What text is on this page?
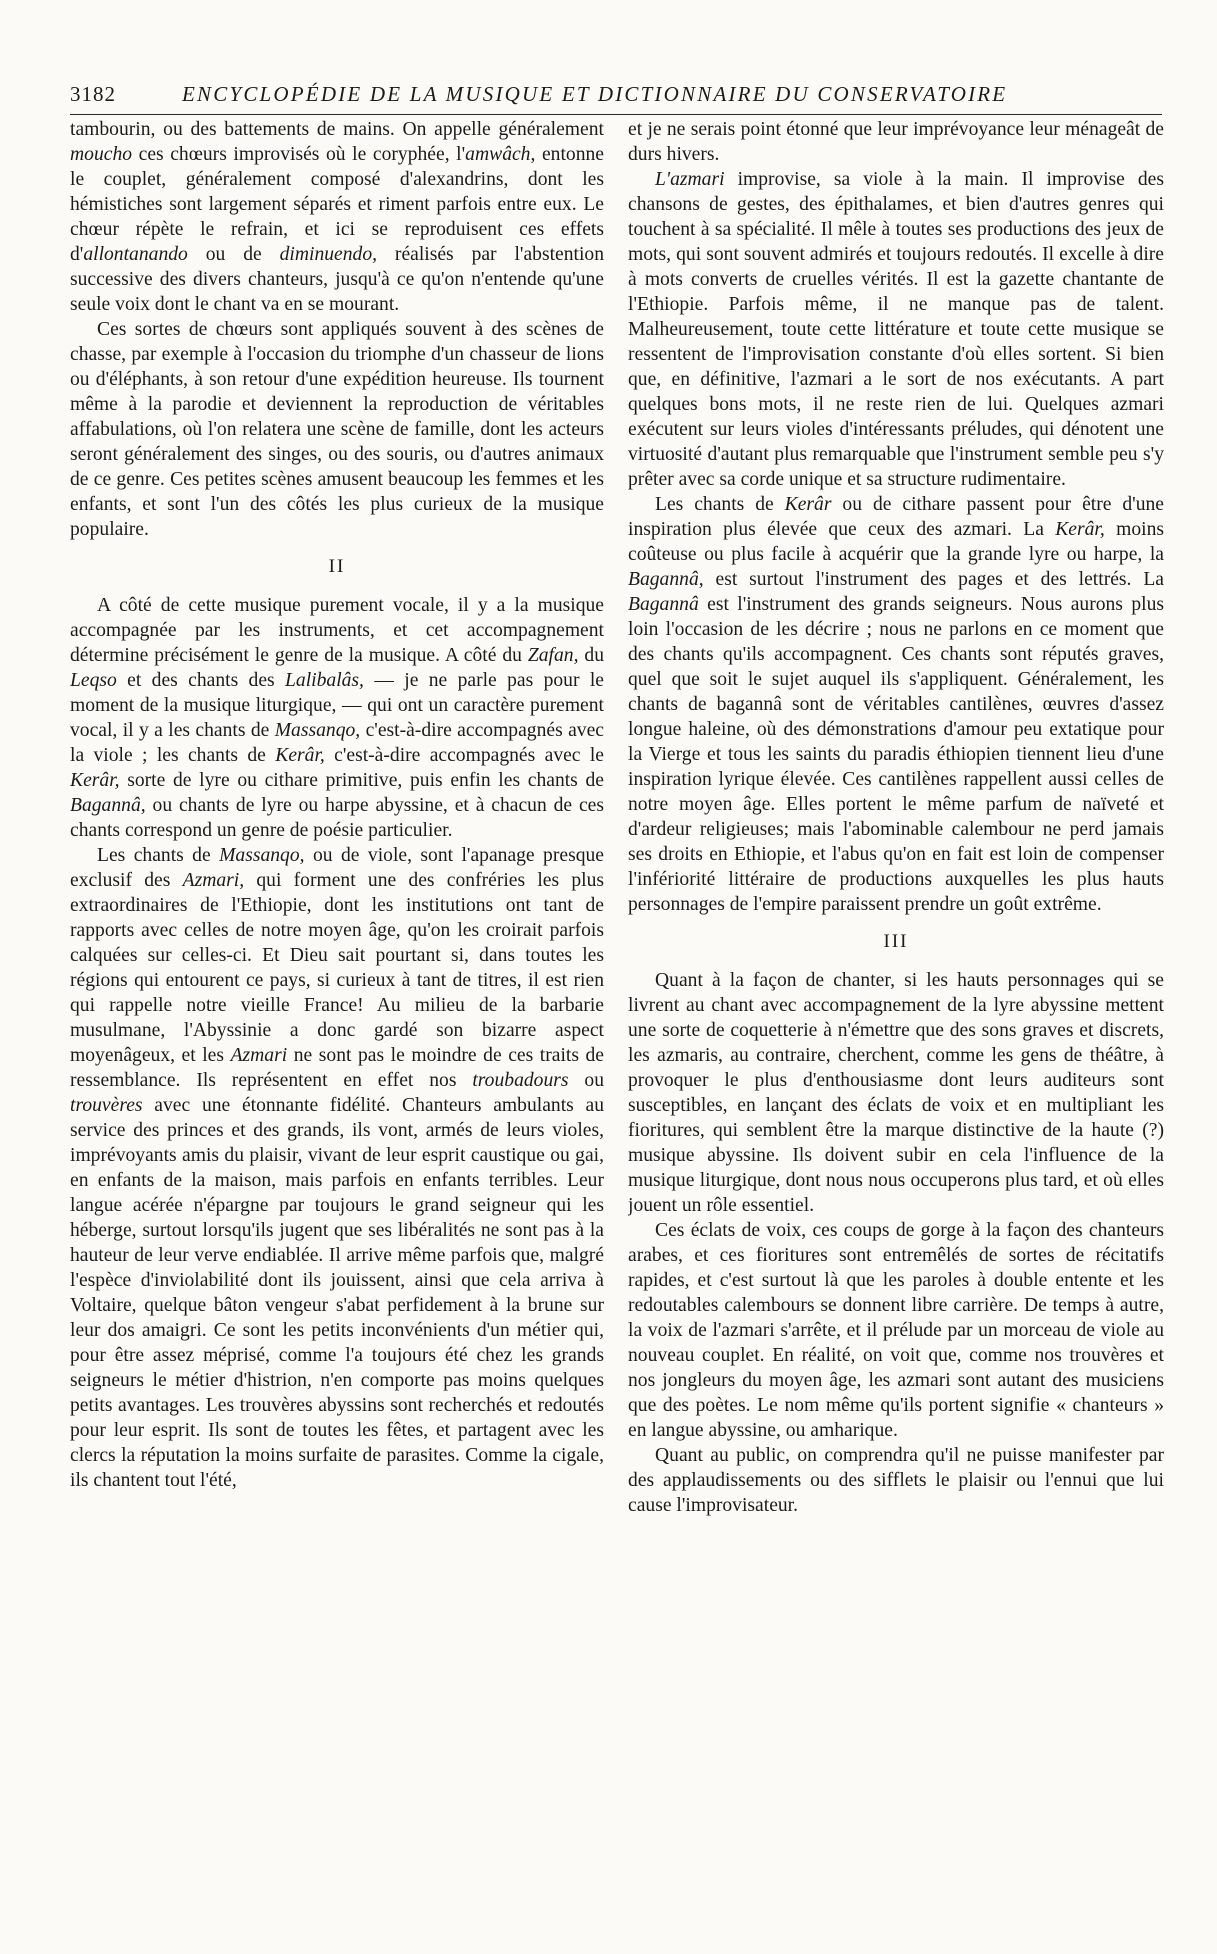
3182	ENCYCLOPÉDIE DE LA MUSIQUE ET DICTIONNAIRE DU CONSERVATOIRE

tambourin, ou des battements de mains. On appelle généralement moucho ces chœurs improvisés où le coryphée, l'amwâch, entonne le couplet, généralement composé d'alexandrins, dont les hémistiches sont largement séparés et riment parfois entre eux. Le chœur répète le refrain, et ici se reproduisent ces effets d'allontanando ou de diminuendo, réalisés par l'abstention successive des divers chanteurs, jusqu'à ce qu'on n'entende qu'une seule voix dont le chant va en se mourant.

Ces sortes de chœurs sont appliqués souvent à des scènes de chasse, par exemple à l'occasion du triomphe d'un chasseur de lions ou d'éléphants, à son retour d'une expédition heureuse. Ils tournent même à la parodie et deviennent la reproduction de véritables affabulations, où l'on relatera une scène de famille, dont les acteurs seront généralement des singes, ou des souris, ou d'autres animaux de ce genre. Ces petites scènes amusent beaucoup les femmes et les enfants, et sont l'un des côtés les plus curieux de la musique populaire.

II

A côté de cette musique purement vocale, il y a la musique accompagnée par les instruments, et cet accompagnement détermine précisément le genre de la musique. A côté du Zafan, du Leqso et des chants des Lalibalâs, — je ne parle pas pour le moment de la musique liturgique, — qui ont un caractère purement vocal, il y a les chants de Massanqo, c'est-à-dire accompagnés avec la viole ; les chants de Kerâr, c'est-à-dire accompagnés avec le Kerâr, sorte de lyre ou cithare primitive, puis enfin les chants de Bagannâ, ou chants de lyre ou harpe abyssine, et à chacun de ces chants correspond un genre de poésie particulier.

Les chants de Massanqo, ou de viole, sont l'apanage presque exclusif des Azmari, qui forment une des confréries les plus extraordinaires de l'Ethiopie, dont les institutions ont tant de rapports avec celles de notre moyen âge, qu'on les croirait parfois calquées sur celles-ci. Et Dieu sait pourtant si, dans toutes les régions qui entourent ce pays, si curieux à tant de titres, il est rien qui rappelle notre vieille France! Au milieu de la barbarie musulmane, l'Abyssinie a donc gardé son bizarre aspect moyenâgeux, et les Azmari ne sont pas le moindre de ces traits de ressemblance. Ils représentent en effet nos troubadours ou trouvères avec une étonnante fidélité. Chanteurs ambulants au service des princes et des grands, ils vont, armés de leurs violes, imprévoyants amis du plaisir, vivant de leur esprit caustique ou gai, en enfants de la maison, mais parfois en enfants terribles. Leur langue acérée n'épargne par toujours le grand seigneur qui les héberge, surtout lorsqu'ils jugent que ses libéralités ne sont pas à la hauteur de leur verve endiablée. Il arrive même parfois que, malgré l'espèce d'inviolabilité dont ils jouissent, ainsi que cela arriva à Voltaire, quelque bâton vengeur s'abat perfidement à la brune sur leur dos amaigri. Ce sont les petits inconvénients d'un métier qui, pour être assez méprisé, comme l'a toujours été chez les grands seigneurs le métier d'histrion, n'en comporte pas moins quelques petits avantages. Les trouvères abyssins sont recherchés et redoutés pour leur esprit. Ils sont de toutes les fêtes, et partagent avec les clercs la réputation la moins surfaite de parasites. Comme la cigale, ils chantent tout l'été,

et je ne serais point étonné que leur imprévoyance leur ménageât de durs hivers.

L'azmari improvise, sa viole à la main. Il improvise des chansons de gestes, des épithalames, et bien d'autres genres qui touchent à sa spécialité. Il mêle à toutes ses productions des jeux de mots, qui sont souvent admirés et toujours redoutés. Il excelle à dire à mots converts de cruelles vérités. Il est la gazette chantante de l'Ethiopie. Parfois même, il ne manque pas de talent. Malheureusement, toute cette littérature et toute cette musique se ressentent de l'improvisation constante d'où elles sortent. Si bien que, en définitive, l'azmari a le sort de nos exécutants. A part quelques bons mots, il ne reste rien de lui. Quelques azmari exécutent sur leurs violes d'intéressants préludes, qui dénotent une virtuosité d'autant plus remarquable que l'instrument semble peu s'y prêter avec sa corde unique et sa structure rudimentaire.

Les chants de Kerâr ou de cithare passent pour être d'une inspiration plus élevée que ceux des azmari. La Kerâr, moins coûteuse ou plus facile à acquérir que la grande lyre ou harpe, la Bagannâ, est surtout l'instrument des pages et des lettrés. La Bagannâ est l'instrument des grands seigneurs. Nous aurons plus loin l'occasion de les décrire ; nous ne parlons en ce moment que des chants qu'ils accompagnent. Ces chants sont réputés graves, quel que soit le sujet auquel ils s'appliquent. Généralement, les chants de bagannâ sont de véritables cantilènes, œuvres d'assez longue haleine, où des démonstrations d'amour peu extatique pour la Vierge et tous les saints du paradis éthiopien tiennent lieu d'une inspiration lyrique élevée. Ces cantilènes rappellent aussi celles de notre moyen âge. Elles portent le même parfum de naïveté et d'ardeur religieuses; mais l'abominable calembour ne perd jamais ses droits en Ethiopie, et l'abus qu'on en fait est loin de compenser l'infériorité littéraire de productions auxquelles les plus hauts personnages de l'empire paraissent prendre un goût extrême.

III

Quant à la façon de chanter, si les hauts personnages qui se livrent au chant avec accompagnement de la lyre abyssine mettent une sorte de coquetterie à n'émettre que des sons graves et discrets, les azmaris, au contraire, cherchent, comme les gens de théâtre, à provoquer le plus d'enthousiasme dont leurs auditeurs sont susceptibles, en lançant des éclats de voix et en multipliant les fioritures, qui semblent être la marque distinctive de la haute (?) musique abyssine. Ils doivent subir en cela l'influence de la musique liturgique, dont nous nous occuperons plus tard, et où elles jouent un rôle essentiel.

Ces éclats de voix, ces coups de gorge à la façon des chanteurs arabes, et ces fioritures sont entremêlés de sortes de récitatifs rapides, et c'est surtout là que les paroles à double entente et les redoutables calembours se donnent libre carrière. De temps à autre, la voix de l'azmari s'arrête, et il prélude par un morceau de viole au nouveau couplet. En réalité, on voit que, comme nos trouvères et nos jongleurs du moyen âge, les azmari sont autant des musiciens que des poètes. Le nom même qu'ils portent signifie « chanteurs » en langue abyssine, ou amharique.

Quant au public, on comprendra qu'il ne puisse manifester par des applaudissements ou des sifflets le plaisir ou l'ennui que lui cause l'improvisateur.
